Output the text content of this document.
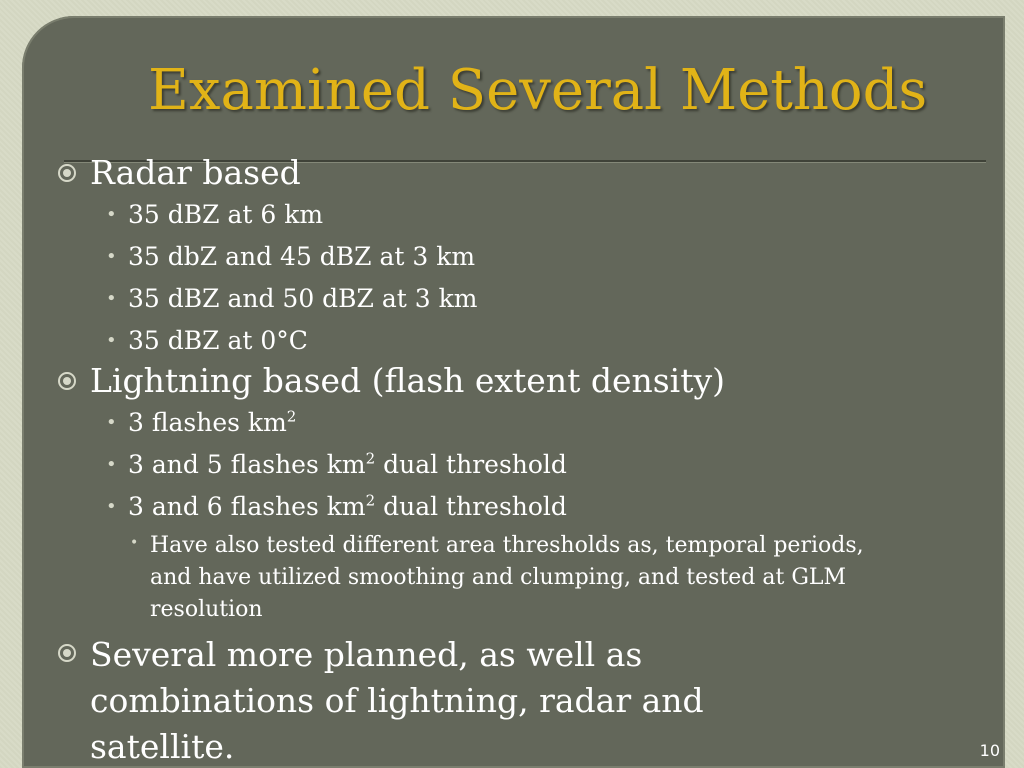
Examined Several Methods
Radar based
• 35 dBZ at 6 km
• 35 dbZ and 45 dBZ at 3 km
• 35 dBZ and 50 dBZ at 3 km
• 35 dBZ at 0°C
Lightning based (flash extent density)
• 3 flashes $km^2$
• 3 and 5 flashes $km^2$ dual threshold
• 3 and 6 flashes $km^2$ dual threshold
• Have also tested different area thresholds as, temporal periods, and have utilized smoothing and clumping, and tested at GLM resolution
Several more planned, as well as combinations of lightning, radar and satellite.	10
